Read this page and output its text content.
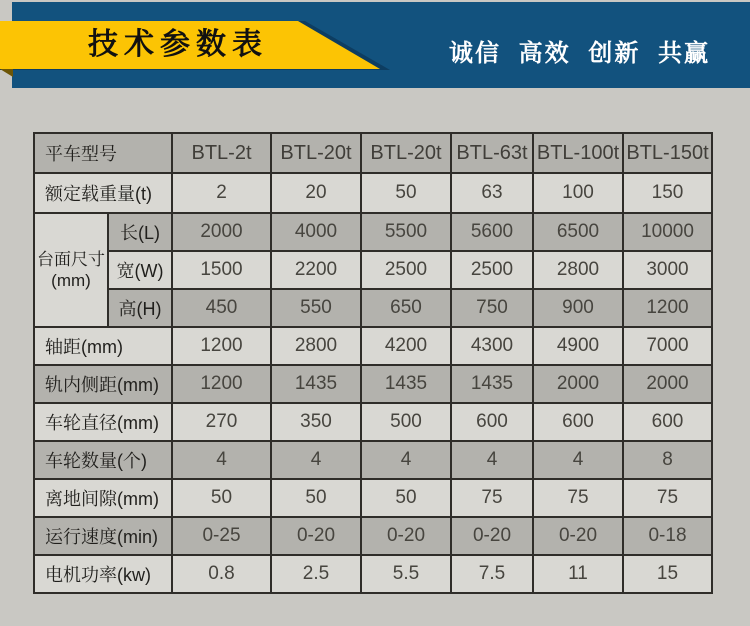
技术参数表	诚信 高效 创新 共赢
平车型号		BTL-2t	BTL-20t	BTL-20t	BTL-63t	BTL-100t	BTL-150t
额定载重量(t)		2	20	50	63	100	150

台面尺寸
(mm)	长(L)	2000	4000	5500	5600	6500	10000
	宽(W)	1500	2200	2500	2500	2800	3000
	高(H)	450	550	650	750	900	1200
轴距(mm)		1200	2800	4200	4300	4900	7000
轨内侧距(mm)		1200	1435	1435	1435	2000	2000
车轮直径(mm)		270	350	500	600	600	600
车轮数量(个)		4	4	4	4	4	8
离地间隙(mm)		50	50	50	75	75	75
运行速度(min)		0-25	0-20	0-20	0-20	0-20	0-18
电机功率(kw)		0.8	2.5	5.5	7.5	11	15
